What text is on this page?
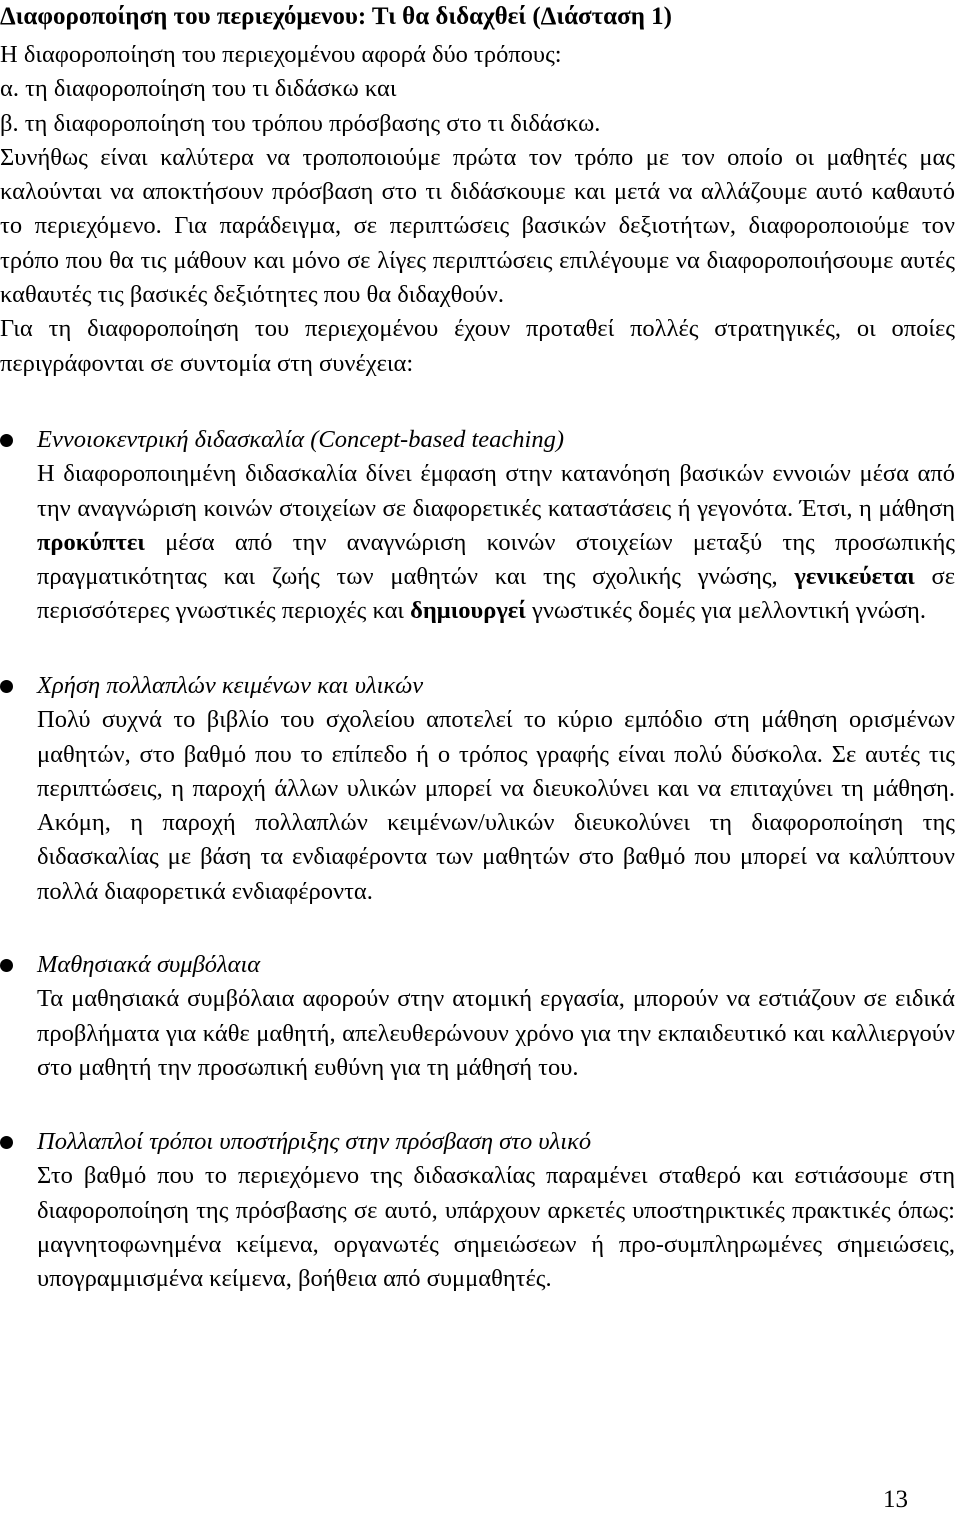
Διαφοροποίηση του περιεχόμενου: Τι θα διδαχθεί (Διάσταση 1)

Η διαφοροποίηση του περιεχομένου αφορά δύο τρόπους:

α. τη διαφοροποίηση του τι διδάσκω και

β. τη διαφοροποίηση του τρόπου πρόσβασης στο τι διδάσκω.

Συνήθως είναι καλύτερα να τροποποιούμε πρώτα τον τρόπο με τον οποίο οι μαθητές μας καλούνται να αποκτήσουν πρόσβαση στο τι διδάσκουμε και μετά να αλλάζουμε αυτό καθαυτό το περιεχόμενο. Για παράδειγμα, σε περιπτώσεις βασικών δεξιοτήτων, διαφοροποιούμε τον τρόπο που θα τις μάθουν και μόνο σε λίγες περιπτώσεις επιλέγουμε να διαφοροποιήσουμε αυτές καθαυτές τις βασικές δεξιότητες που θα διδαχθούν.

Για τη διαφοροποίηση του περιεχομένου έχουν προταθεί πολλές στρατηγικές, οι οποίες περιγράφονται σε συντομία στη συνέχεια:

Εννοιοκεντρική διδασκαλία (Concept-based teaching)

Η διαφοροποιημένη διδασκαλία δίνει έμφαση στην κατανόηση βασικών εννοιών μέσα από την αναγνώριση κοινών στοιχείων σε διαφορετικές καταστάσεις ή γεγονότα. Έτσι, η μάθηση προκύπτει μέσα από την αναγνώριση κοινών στοιχείων μεταξύ της προσωπικής πραγματικότητας και ζωής των μαθητών και της σχολικής γνώσης, γενικεύεται σε περισσότερες γνωστικές περιοχές και δημιουργεί γνωστικές δομές για μελλοντική γνώση.

Χρήση πολλαπλών κειμένων και υλικών

Πολύ συχνά το βιβλίο του σχολείου αποτελεί το κύριο εμπόδιο στη μάθηση ορισμένων μαθητών, στο βαθμό που το επίπεδο ή ο τρόπος γραφής είναι πολύ δύσκολα. Σε αυτές τις περιπτώσεις, η παροχή άλλων υλικών μπορεί να διευκολύνει και να επιταχύνει τη μάθηση. Ακόμη, η παροχή πολλαπλών κειμένων/υλικών διευκολύνει τη διαφοροποίηση της διδασκαλίας με βάση τα ενδιαφέροντα των μαθητών στο βαθμό που μπορεί να καλύπτουν πολλά διαφορετικά ενδιαφέροντα.

Μαθησιακά συμβόλαια

Τα μαθησιακά συμβόλαια αφορούν στην ατομική εργασία, μπορούν να εστιάζουν σε ειδικά προβλήματα για κάθε μαθητή, απελευθερώνουν χρόνο για την εκπαιδευτικό και καλλιεργούν στο μαθητή την προσωπική ευθύνη για τη μάθησή του.

Πολλαπλοί τρόποι υποστήριξης στην πρόσβαση στο υλικό

Στο βαθμό που το περιεχόμενο της διδασκαλίας παραμένει σταθερό και εστιάσουμε στη διαφοροποίηση της πρόσβασης σε αυτό, υπάρχουν αρκετές υποστηρικτικές πρακτικές όπως: μαγνητοφωνημένα κείμενα, οργανωτές σημειώσεων ή προ-συμπληρωμένες σημειώσεις, υπογραμμισμένα κείμενα, βοήθεια από συμμαθητές.

13
